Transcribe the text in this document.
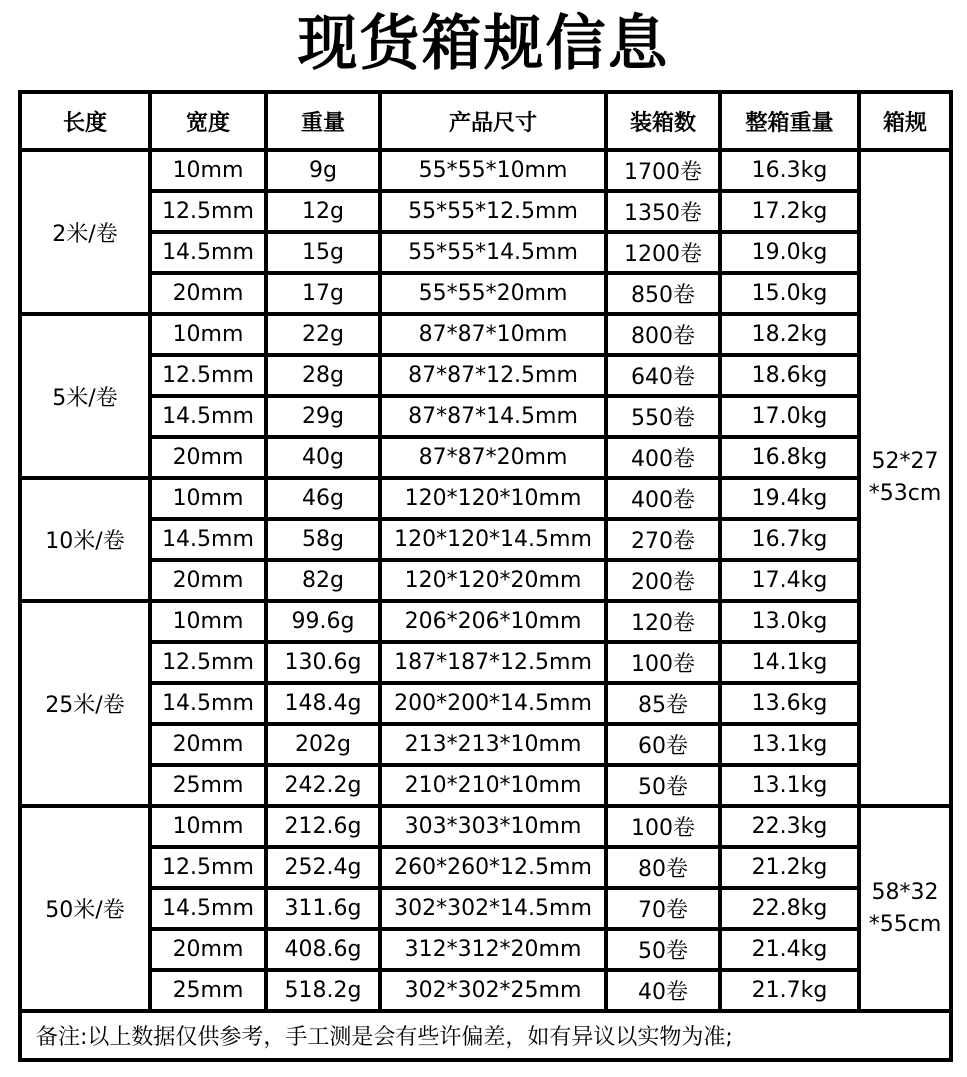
现货箱规信息
长度	宽度	重量	产品尺寸	装箱数	整箱重量	箱规
2米/卷	10mm	9g	55*55*10mm	1700卷	16.3kg	52*27
*53cm
	12.5mm	12g	55*55*12.5mm	1350卷	17.2kg	
	14.5mm	15g	55*55*14.5mm	1200卷	19.0kg	
	20mm	17g	55*55*20mm	850卷	15.0kg	
5米/卷	10mm	22g	87*87*10mm	800卷	18.2kg	
	12.5mm	28g	87*87*12.5mm	640卷	18.6kg	
	14.5mm	29g	87*87*14.5mm	550卷	17.0kg	
	20mm	40g	87*87*20mm	400卷	16.8kg	
10米/卷	10mm	46g	120*120*10mm	400卷	19.4kg	
	14.5mm	58g	120*120*14.5mm	270卷	16.7kg	
	20mm	82g	120*120*20mm	200卷	17.4kg	
25米/卷	10mm	99.6g	206*206*10mm	120卷	13.0kg	
	12.5mm	130.6g	187*187*12.5mm	100卷	14.1kg	
	14.5mm	148.4g	200*200*14.5mm	85卷	13.6kg	
	20mm	202g	213*213*10mm	60卷	13.1kg	
	25mm	242.2g	210*210*10mm	50卷	13.1kg	
50米/卷	10mm	212.6g	303*303*10mm	100卷	22.3kg	58*32
*55cm
	12.5mm	252.4g	260*260*12.5mm	80卷	21.2kg	
	14.5mm	311.6g	302*302*14.5mm	70卷	22.8kg	
	20mm	408.6g	312*312*20mm	50卷	21.4kg	
	25mm	518.2g	302*302*25mm	40卷	21.7kg	
备注:以上数据仅供参考，手工测是会有些许偏差，如有异议以实物为准;						
